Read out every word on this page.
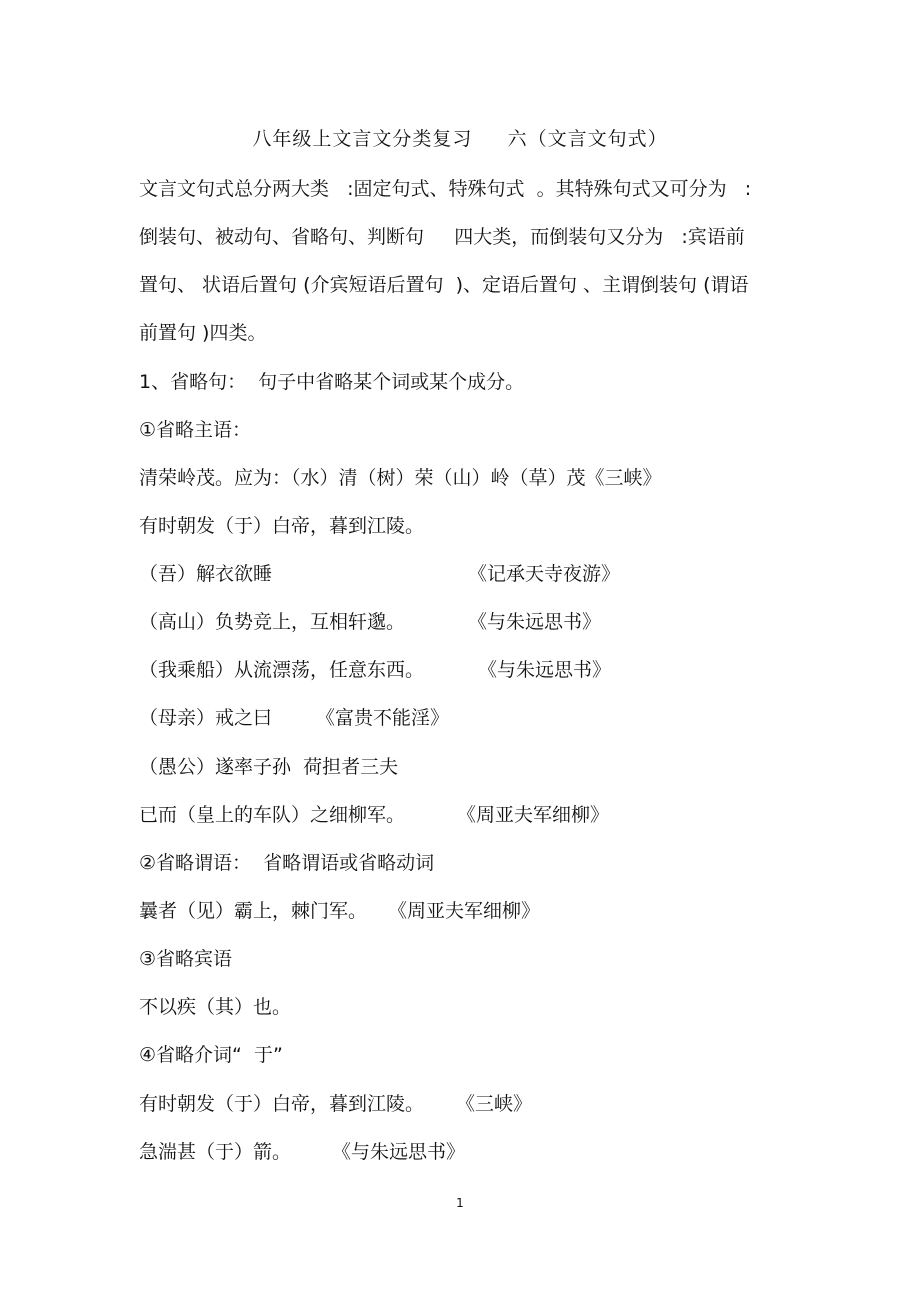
八年级上文言文分类复习     六（文言文句式）
文言文句式总分两大类   :固定句式、特殊句式  。其特殊句式又可分为   :
倒装句、被动句、省略句、判断句     四大类，而倒装句又分为   :宾语前
置句、 状语后置句 (介宾短语后置句  )、定语后置句 、主谓倒装句 (谓语
前置句 )四类。
1、省略句：  句子中省略某个词或某个成分。
①省略主语：
清荣岭茂。应为：（水）清（树）荣（山）岭（草）茂《三峡》
有时朝发（于）白帝，暮到江陵。
（吾）解衣欲睡	《记承天寺夜游》
（高山）负势竞上，互相轩邈。	《与朱远思书》
（我乘船）从流漂荡，任意东西。	《与朱远思书》
（母亲）戒之曰 《富贵不能淫》
（愚公）遂率子孙  荷担者三夫
已而（皇上的车队）之细柳军。	《周亚夫军细柳》
②省略谓语：  省略谓语或省略动词
曩者（见）霸上，棘门军。 《周亚夫军细柳》
③省略宾语
不以疾（其）也。
④省略介词“  于”
有时朝发（于）白帝，暮到江陵。 《三峡》
急湍甚（于）箭。 《与朱远思书》
1
